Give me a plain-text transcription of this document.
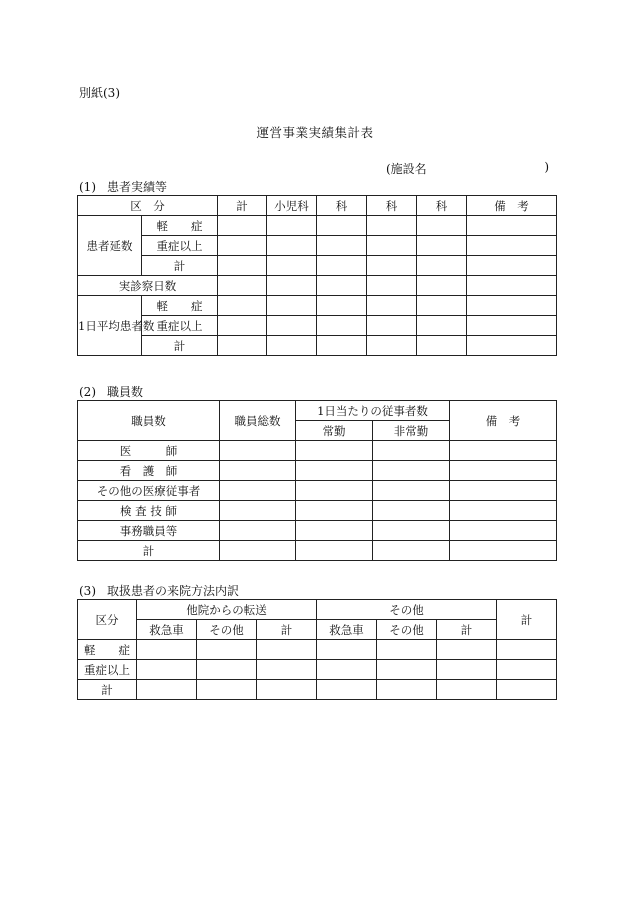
別紙(3)
運営事業実績集計表
(施設名	)
(1) 患者実績等
区　分		計	小児科	科	科	科	備　考
患者延数	軽　　症						
	重症以上						
	計						
実診察日数							
1日平均患者数	軽　　症						
	重症以上						
	計						
(2) 職員数
職員数	職員総数	1日当たりの従事者数		備　考
		常勤	非常勤	
医　　　師				
看　護　師				
その他の医療従事者				
検 査 技 師				
事務職員等				
計				
(3) 取扱患者の来院方法内訳
区分	他院からの転送			その他			計
	救急車	その他	計	救急車	その他	計	
軽　　症							
重症以上							
計							
